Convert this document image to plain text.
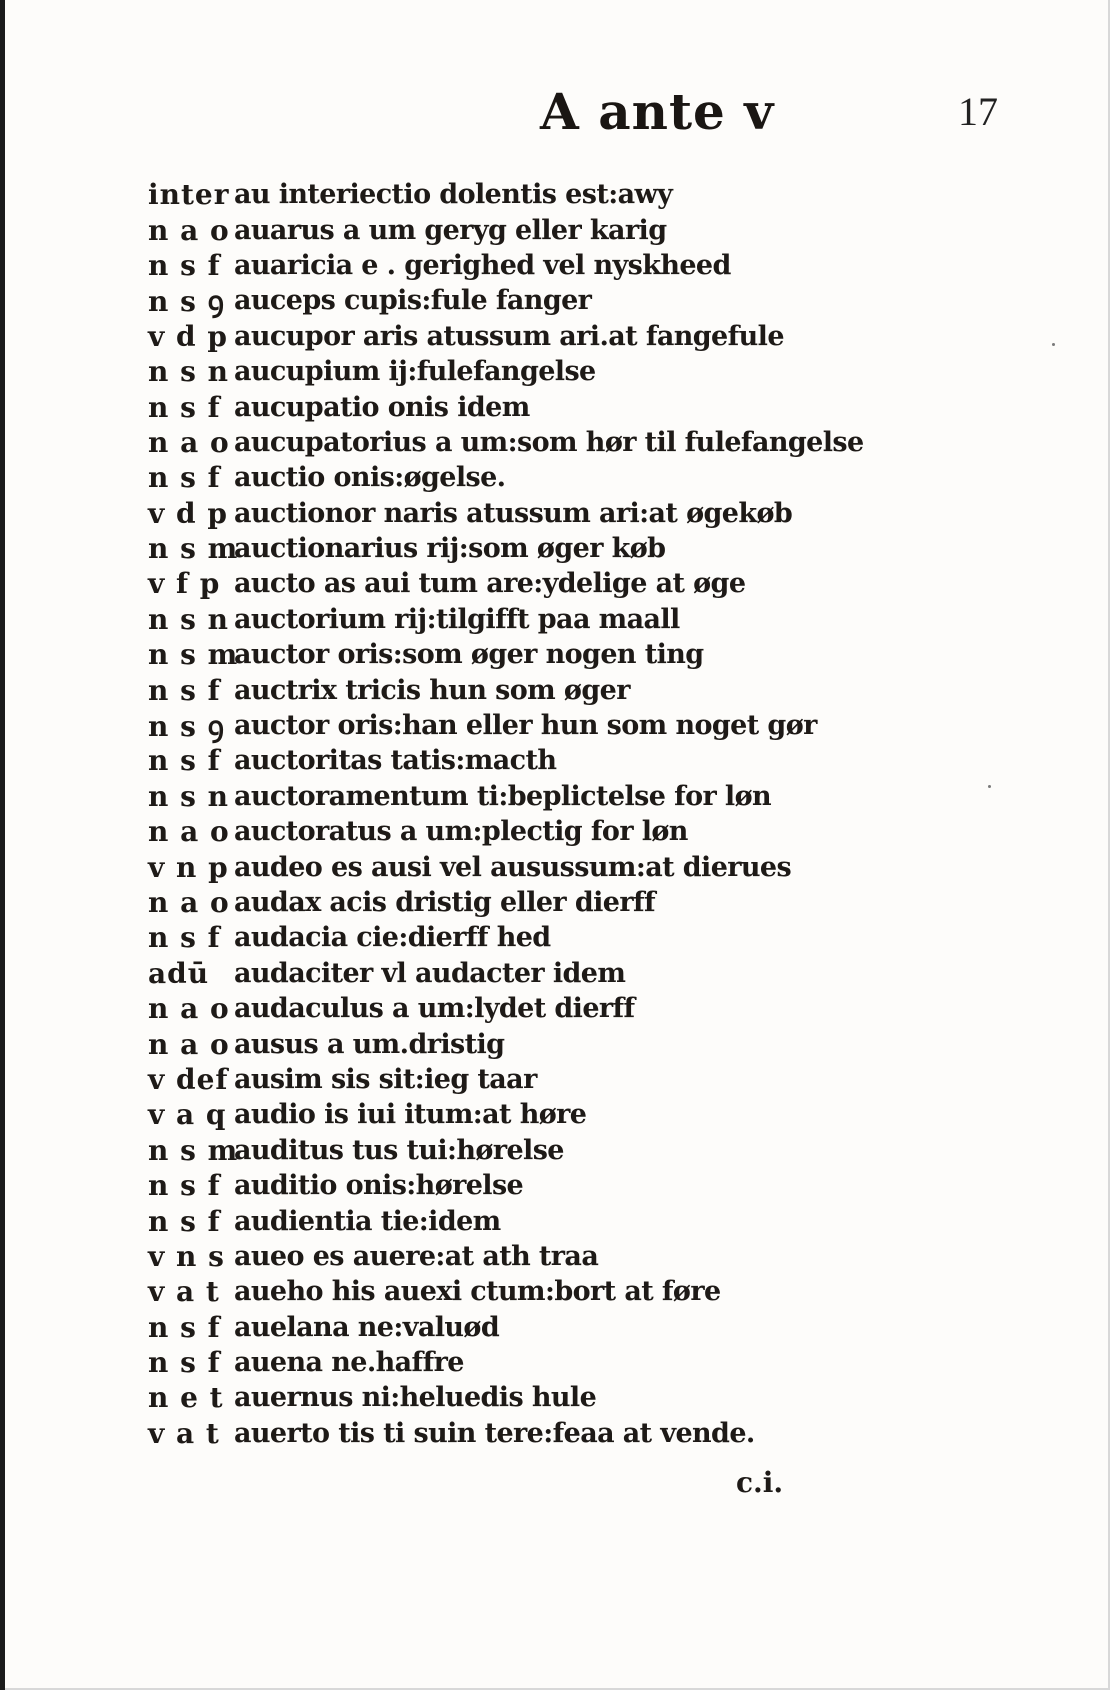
A ante v	17
inter au interiectio dolentis est:awy
n a o auarus a um geryg eller karig
n s f auaricia e . gerighed vel nyskheed
n s ꝯ auceps cupis:fule fanger
v d p aucupor aris atussum ari.at fangefule
n s n aucupium ij:fulefangelse
n s f aucupatio onis idem
n a o aucupatorius a um:som hør til fulefangelse
n s f auctio onis:øgelse.
v d p auctionor naris atussum ari:at øgekøb
n s m
auctionarius rij:som øger køb
v f p aucto as aui tum are:ydelige at øge
n s n auctorium rij:tilgifft paa maall
n s m
auctor oris:som øger nogen ting
n s f auctrix tricis hun som øger
n s ꝯ auctor oris:han eller hun som noget gør
n s f auctoritas tatis:macth
n s n auctoramentum ti:beplictelse for løn
n a o auctoratus a um:plectig for løn
v n p audeo es ausi vel ausussum:at dierues
n a o audax acis dristig eller dierff
n s f audacia cie:dierff hed
adū audaciter vl audacter idem
n a o audaculus a um:lydet dierff
n a o ausus a um.dristig
v def ausim sis sit:ieg taar
v a q audio is iui itum:at høre
n s m
auditus tus tui:hørelse
n s f auditio onis:hørelse
n s f audientia tie:idem
v n s aueo es auere:at ath traa
v a t aueho his auexi ctum:bort at føre
n s f auelana ne:valuød
n s f auena ne.haffre
n e t auernus ni:heluedis hule
v a t auerto tis ti suin tere:feaa at vende.
c.i.
